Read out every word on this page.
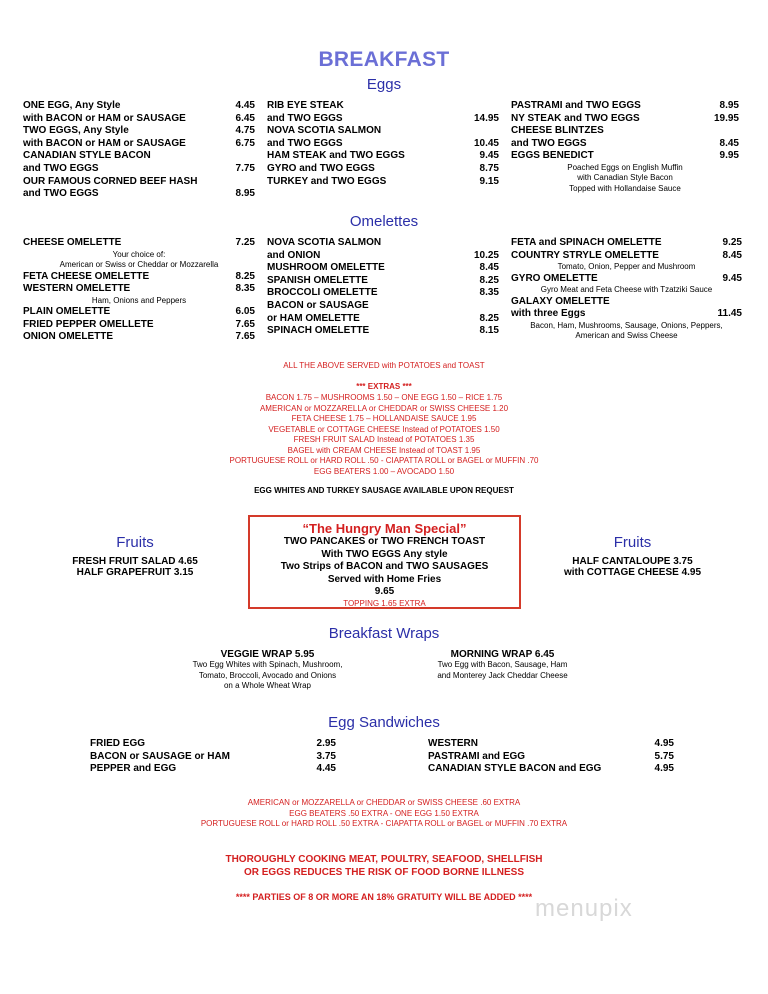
BREAKFAST
Eggs
ONE EGG, Any Style	4.45
with BACON or HAM or SAUSAGE	6.45
TWO EGGS, Any Style	4.75
with BACON or HAM or SAUSAGE	6.75
CANADIAN STYLE BACON
and TWO EGGS	7.75
OUR FAMOUS CORNED BEEF HASH
and TWO EGGS	8.95
RIB EYE STEAK
and TWO EGGS	14.95
NOVA SCOTIA SALMON
and TWO EGGS	10.45
HAM STEAK and TWO EGGS	9.45
GYRO and TWO EGGS	8.75
TURKEY and TWO EGGS	9.15
PASTRAMI and TWO EGGS	8.95
NY STEAK and TWO EGGS	19.95
CHEESE BLINTZES
and TWO EGGS	8.45
EGGS BENEDICT	9.95
Poached Eggs on English Muffin
with Canadian Style Bacon
Topped with Hollandaise Sauce
Omelettes
CHEESE OMELETTE	7.25
Your choice of:
American or Swiss or Cheddar or Mozzarella
FETA CHEESE OMELETTE	8.25
WESTERN OMELETTE	8.35
Ham, Onions and Peppers
PLAIN OMELETTE	6.05
FRIED PEPPER OMELLETE	7.65
ONION OMELETTE	7.65
NOVA SCOTIA SALMON
and ONION	10.25
MUSHROOM OMELETTE	8.45
SPANISH OMELETTE	8.25
BROCCOLI OMELETTE	8.35
BACON or SAUSAGE
or HAM OMELETTE	8.25
SPINACH OMELETTE	8.15
FETA and SPINACH OMELETTE	9.25
COUNTRY STRYLE OMELETTE	8.45
Tomato, Onion, Pepper and Mushroom
GYRO OMELETTE	9.45
Gyro Meat and Feta Cheese with Tzatziki Sauce
GALAXY OMELETTE
with three Eggs	11.45
Bacon, Ham, Mushrooms, Sausage, Onions, Peppers,
American and Swiss Cheese
ALL THE ABOVE SERVED with POTATOES and TOAST
*** EXTRAS ***
BACON 1.75 – MUSHROOMS 1.50 – ONE EGG 1.50 – RICE 1.75
AMERICAN or MOZZARELLA or CHEDDAR or SWISS CHEESE 1.20
FETA CHEESE 1.75 – HOLLANDAISE SAUCE 1.95
VEGETABLE or COTTAGE CHEESE Instead of POTATOES 1.50
FRESH FRUIT SALAD Instead of POTATOES 1.35
BAGEL with CREAM CHEESE Instead of TOAST 1.95
PORTUGUESE ROLL or HARD ROLL .50 - CIAPATTA ROLL or BAGEL or MUFFIN .70
EGG BEATERS 1.00 – AVOCADO 1.50
EGG WHITES AND TURKEY SAUSAGE AVAILABLE UPON REQUEST
Fruits
FRESH FRUIT SALAD 4.65
HALF GRAPEFRUIT 3.15
“The Hungry Man Special”
TWO PANCAKES or TWO FRENCH TOAST
With TWO EGGS Any style
Two Strips of BACON and TWO SAUSAGES
Served with Home Fries
9.65
TOPPING 1.65 EXTRA
Fruits
HALF CANTALOUPE 3.75
with COTTAGE CHEESE 4.95
Breakfast Wraps
VEGGIE WRAP 5.95
Two Egg Whites with Spinach, Mushroom,
Tomato, Broccoli, Avocado and Onions
on a Whole Wheat Wrap
MORNING WRAP 6.45
Two Egg with Bacon, Sausage, Ham
and Monterey Jack Cheddar Cheese
Egg Sandwiches
FRIED EGG	2.95
BACON or SAUSAGE or HAM	3.75
PEPPER and EGG	4.45
WESTERN	4.95
PASTRAMI and EGG	5.75
CANADIAN STYLE BACON and EGG	4.95
AMERICAN or MOZZARELLA or CHEDDAR or SWISS CHEESE .60 EXTRA
EGG BEATERS .50 EXTRA - ONE EGG 1.50 EXTRA
PORTUGUESE ROLL or HARD ROLL .50 EXTRA - CIAPATTA ROLL or BAGEL or MUFFIN .70 EXTRA
THOROUGHLY COOKING MEAT, POULTRY, SEAFOOD, SHELLFISH
OR EGGS REDUCES THE RISK OF FOOD BORNE ILLNESS
**** PARTIES OF 8 OR MORE AN 18% GRATUITY WILL BE ADDED **** menupix
